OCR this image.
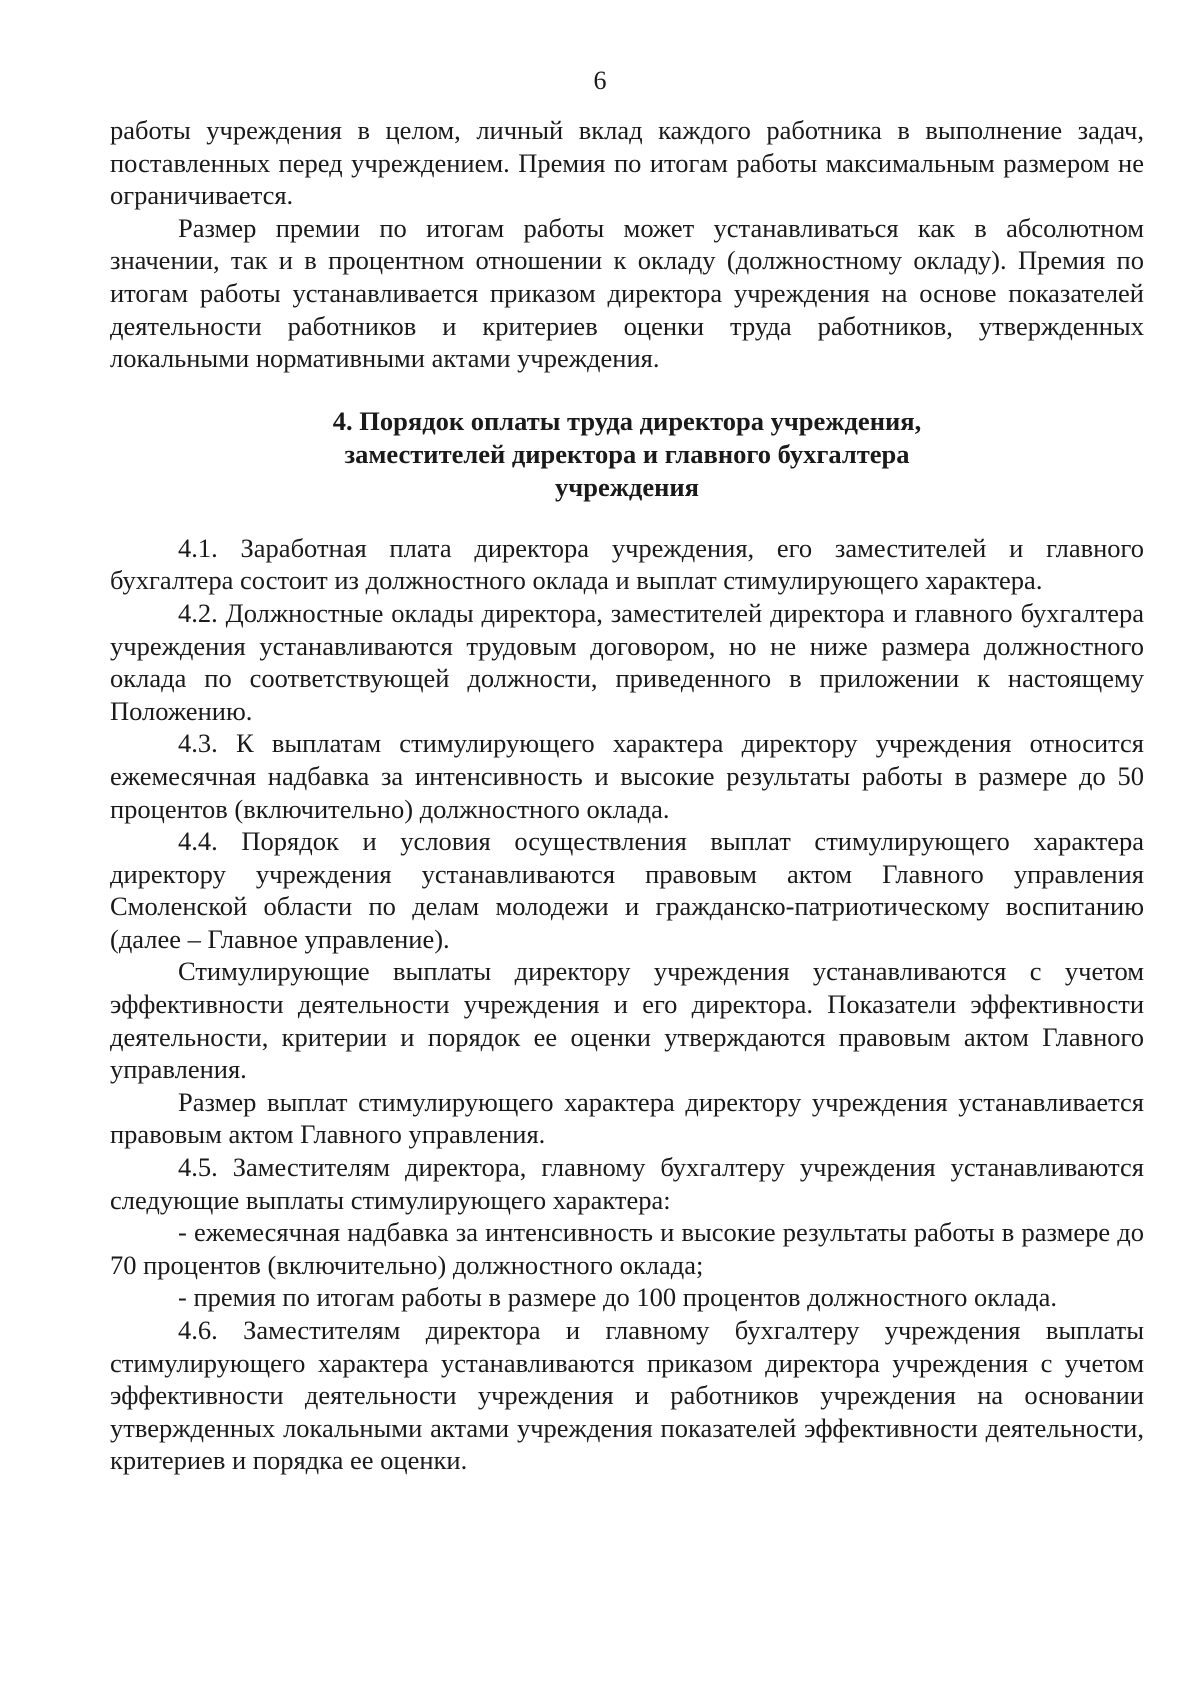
6

работы учреждения в целом, личный вклад каждого работника в выполнение задач, поставленных перед учреждением. Премия по итогам работы максимальным размером не ограничивается.

Размер премии по итогам работы может устанавливаться как в абсолютном значении, так и в процентном отношении к окладу (должностному окладу). Премия по итогам работы устанавливается приказом директора учреждения на основе показателей деятельности работников и критериев оценки труда работников, утвержденных локальными нормативными актами учреждения.

4. Порядок оплаты труда директора учреждения,
заместителей директора и главного бухгалтера
учреждения

4.1. Заработная плата директора учреждения, его заместителей и главного бухгалтера состоит из должностного оклада и выплат стимулирующего характера.

4.2. Должностные оклады директора, заместителей директора и главного бухгалтера учреждения устанавливаются трудовым договором, но не ниже размера должностного оклада по соответствующей должности, приведенного в приложении к настоящему Положению.

4.3. К выплатам стимулирующего характера директору учреждения относится ежемесячная надбавка за интенсивность и высокие результаты работы в размере до 50 процентов (включительно) должностного оклада.

4.4. Порядок и условия осуществления выплат стимулирующего характера директору учреждения устанавливаются правовым актом Главного управления Смоленской области по делам молодежи и гражданско-патриотическому воспитанию (далее – Главное управление).

Стимулирующие выплаты директору учреждения устанавливаются с учетом эффективности деятельности учреждения и его директора. Показатели эффективности деятельности, критерии и порядок ее оценки утверждаются правовым актом Главного управления.

Размер выплат стимулирующего характера директору учреждения устанавливается правовым актом Главного управления.

4.5. Заместителям директора, главному бухгалтеру учреждения устанавливаются следующие выплаты стимулирующего характера:

- ежемесячная надбавка за интенсивность и высокие результаты работы в размере до 70 процентов (включительно) должностного оклада;

- премия по итогам работы в размере до 100 процентов должностного оклада.

4.6. Заместителям директора и главному бухгалтеру учреждения выплаты стимулирующего характера устанавливаются приказом директора учреждения с учетом эффективности деятельности учреждения и работников учреждения на основании утвержденных локальными актами учреждения показателей эффективности деятельности, критериев и порядка ее оценки.
